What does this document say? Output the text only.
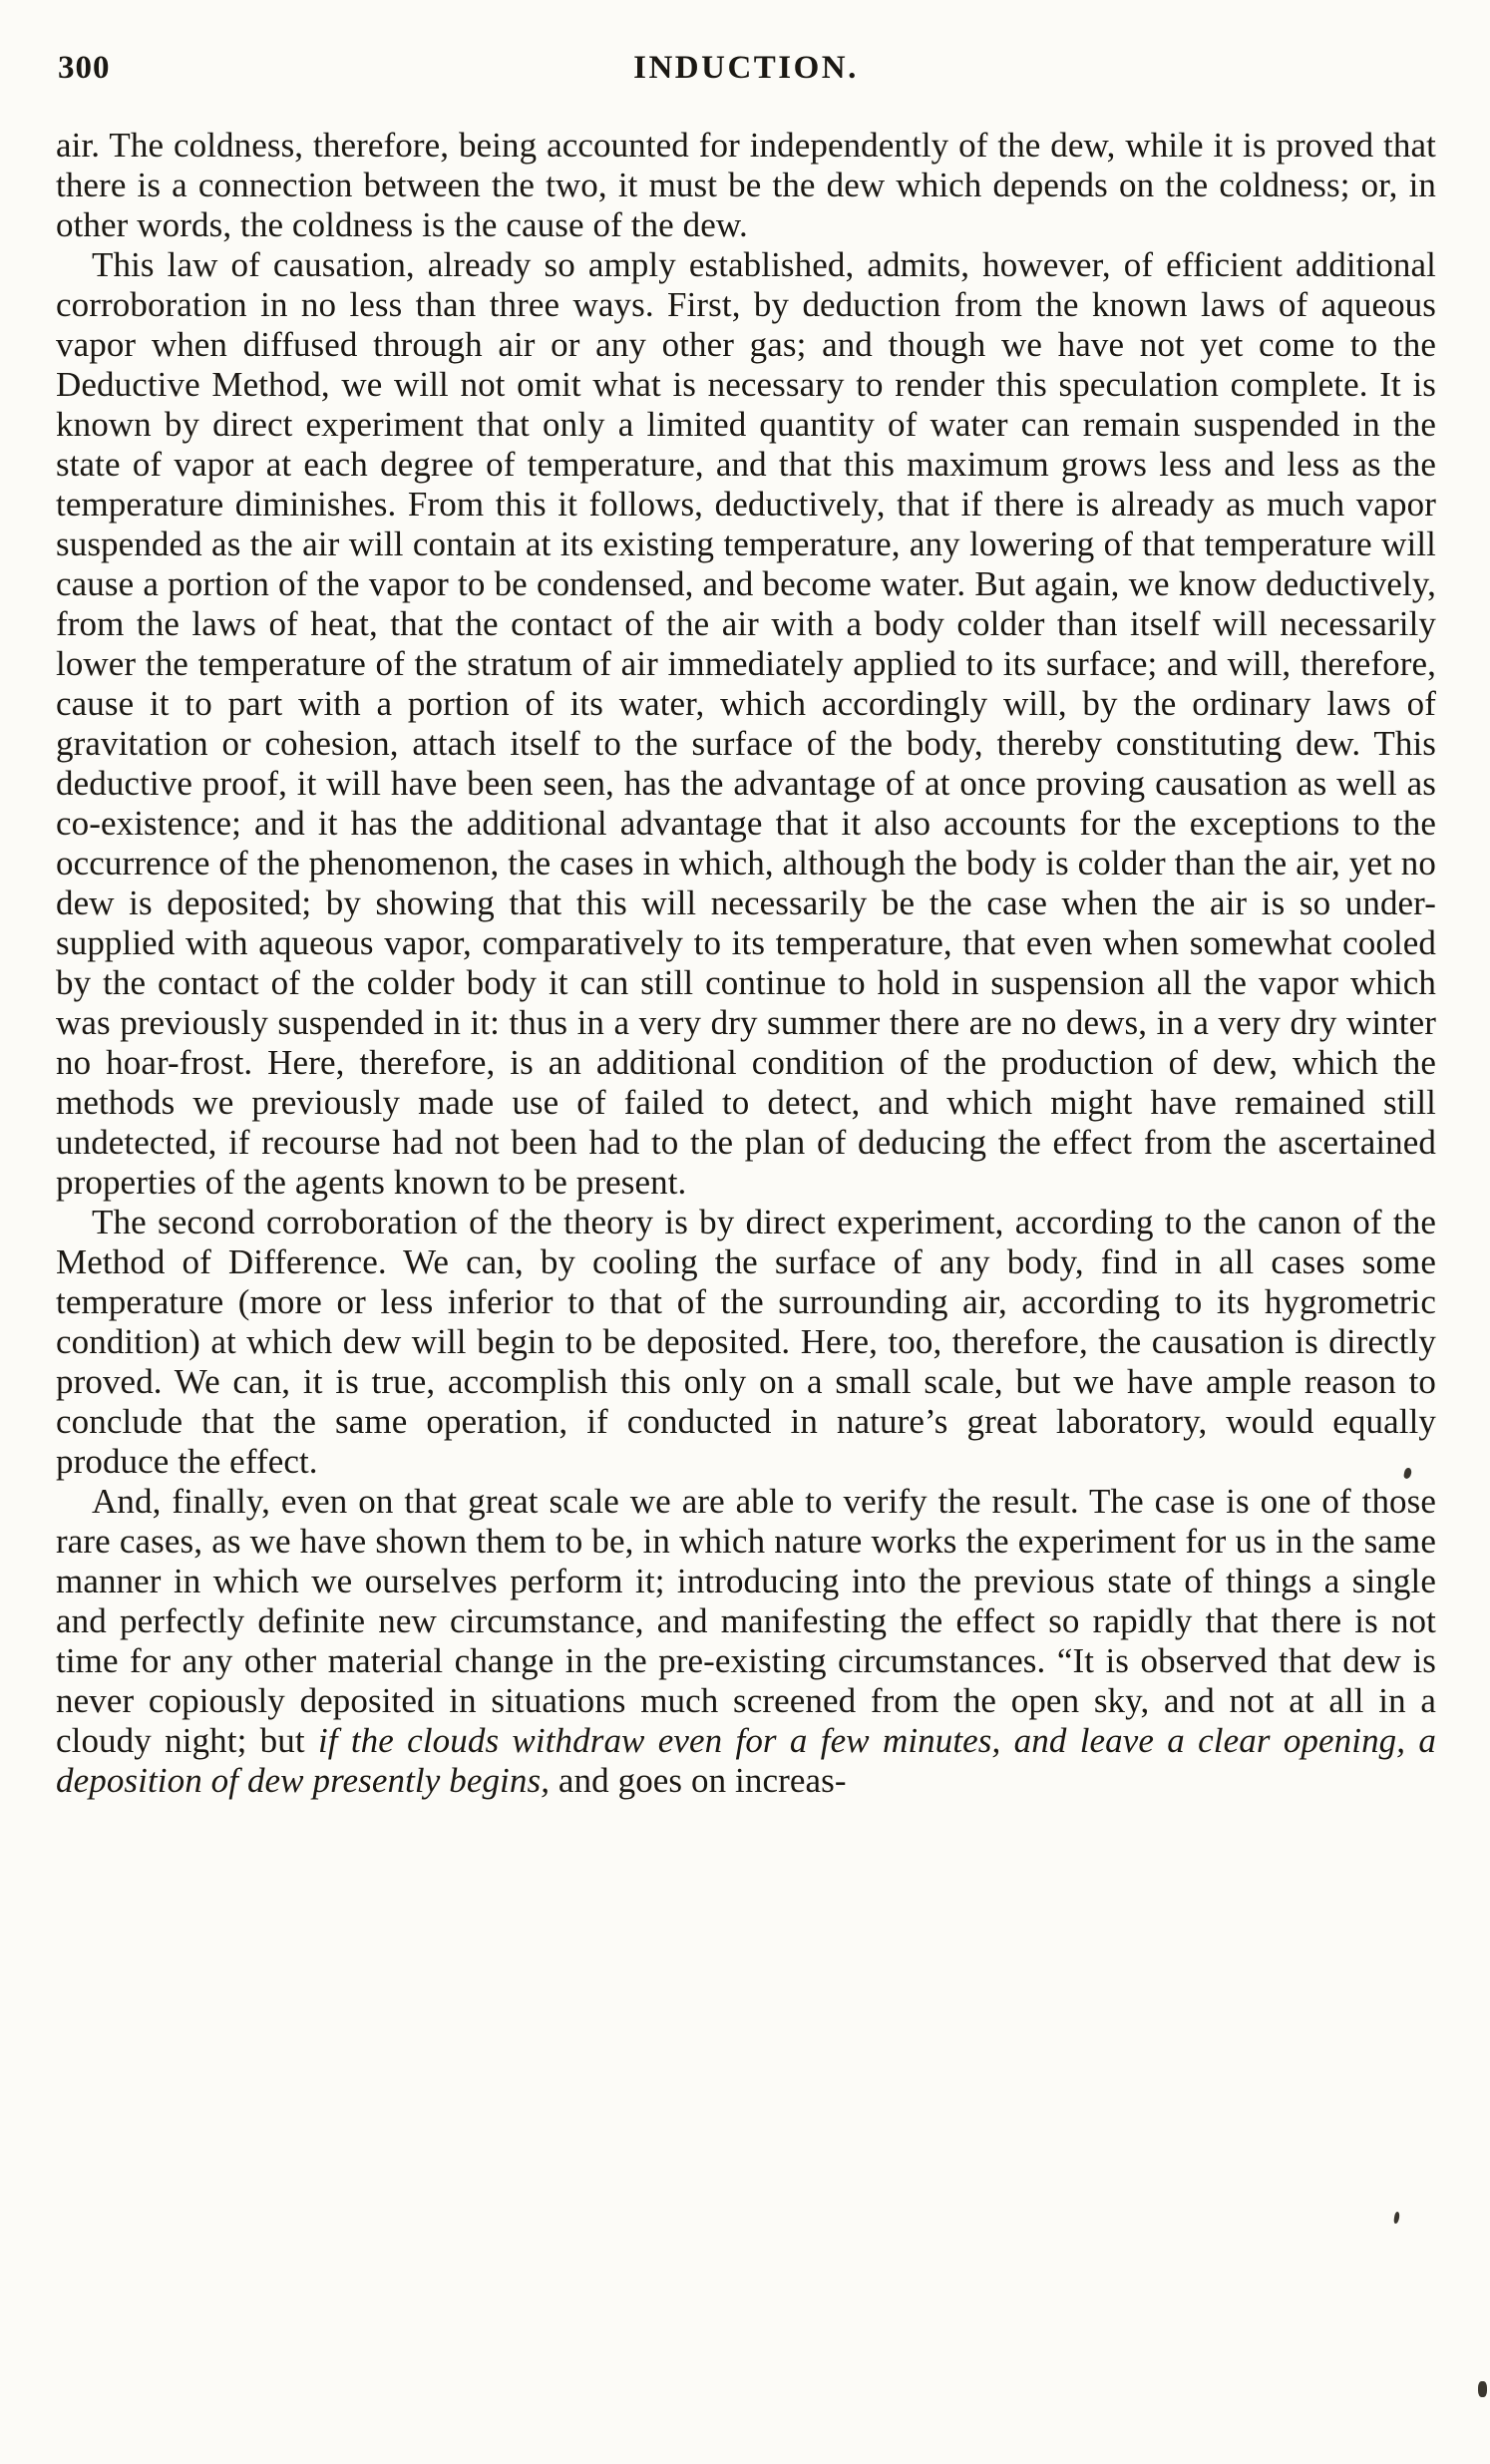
300	INDUCTION.

air. The coldness, therefore, being accounted for independently of the dew, while it is proved that there is a connection between the two, it must be the dew which depends on the coldness; or, in other words, the coldness is the cause of the dew.

This law of causation, already so amply established, admits, however, of efficient additional corroboration in no less than three ways. First, by deduction from the known laws of aqueous vapor when diffused through air or any other gas; and though we have not yet come to the Deductive Method, we will not omit what is necessary to render this speculation complete. It is known by direct experiment that only a limited quantity of water can remain suspended in the state of vapor at each degree of temperature, and that this maximum grows less and less as the temperature diminishes. From this it follows, deductively, that if there is already as much vapor suspended as the air will contain at its existing temperature, any lowering of that temperature will cause a portion of the vapor to be condensed, and become water. But again, we know deductively, from the laws of heat, that the contact of the air with a body colder than itself will necessarily lower the temperature of the stratum of air immediately applied to its surface; and will, therefore, cause it to part with a portion of its water, which accordingly will, by the ordinary laws of gravitation or cohesion, attach itself to the surface of the body, thereby constituting dew. This deductive proof, it will have been seen, has the advantage of at once proving causation as well as co-existence; and it has the additional advantage that it also accounts for the exceptions to the occurrence of the phenomenon, the cases in which, although the body is colder than the air, yet no dew is deposited; by showing that this will necessarily be the case when the air is so under-supplied with aqueous vapor, comparatively to its temperature, that even when somewhat cooled by the contact of the colder body it can still continue to hold in suspension all the vapor which was previously suspended in it: thus in a very dry summer there are no dews, in a very dry winter no hoar-frost. Here, therefore, is an additional condition of the production of dew, which the methods we previously made use of failed to detect, and which might have remained still undetected, if recourse had not been had to the plan of deducing the effect from the ascertained properties of the agents known to be present.

The second corroboration of the theory is by direct experiment, according to the canon of the Method of Difference. We can, by cooling the surface of any body, find in all cases some temperature (more or less inferior to that of the surrounding air, according to its hygrometric condition) at which dew will begin to be deposited. Here, too, therefore, the causation is directly proved. We can, it is true, accomplish this only on a small scale, but we have ample reason to conclude that the same operation, if conducted in nature’s great laboratory, would equally produce the effect.

And, finally, even on that great scale we are able to verify the result. The case is one of those rare cases, as we have shown them to be, in which nature works the experiment for us in the same manner in which we ourselves perform it; introducing into the previous state of things a single and perfectly definite new circumstance, and manifesting the effect so rapidly that there is not time for any other material change in the pre-existing circumstances. “It is observed that dew is never copiously deposited in situations much screened from the open sky, and not at all in a cloudy night; but if the clouds withdraw even for a few minutes, and leave a clear opening, a deposition of dew presently begins, and goes on increas-
